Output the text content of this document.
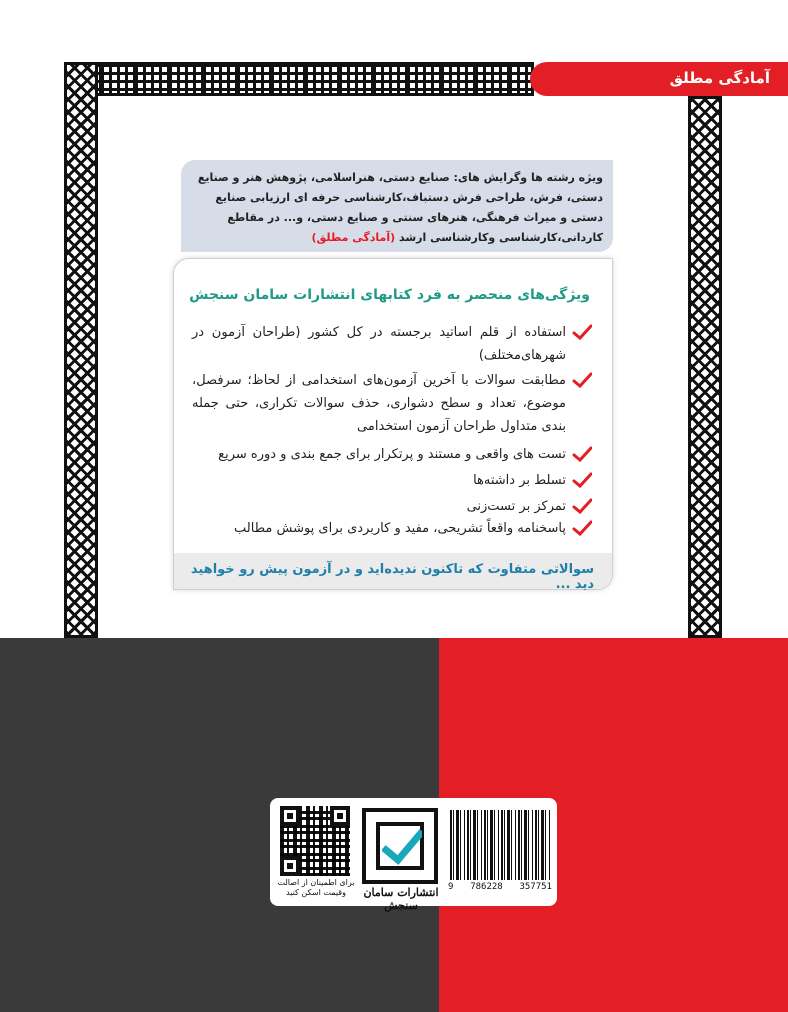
آمادگی مطلق
ویژه رشته ها وگرایش های: صنایع دستی، هنراسلامی، پژوهش هنر و صنایع دستی، فرش، طراحی فرش دستباف،کارشناسی حرفه ای ارزیابی صنایع دستی و میراث فرهنگی، هنرهای سنتی و صنایع دستی، و... در مقاطع کاردانی،کارشناسی وکارشناسی ارشد (آمادگی مطلق)
ویژگی‌های منحصر به فرد کتابهای انتشارات سامان سنجش
استفاده از قلم اساتید برجسته در کل کشور (طراحان آزمون در شهرهای‌مختلف)
مطابقت سوالات با آخرین آزمون‌های استخدامی از لحاظ؛ سرفصل، موضوع، تعداد و سطح دشواری، حذف سوالات تکراری، حتی جمله بندی متداول طراحان آزمون استخدامی
تست های واقعی و مستند و پرتکرار برای جمع بندی و دوره سریع
تسلط بر داشته‌ها
تمرکز بر تست‌زنی
پاسخنامه واقعاً تشریحی، مفید و کاربردی برای پوشش مطالب
سوالاتی متفاوت که تاکنون ندیده‌اید و در آزمون پیش رو خواهید دید ...
برای اطمینان از اصالت وقیمت اسکن کنید	انتشارات سامان سنجش
9 786228 357751
